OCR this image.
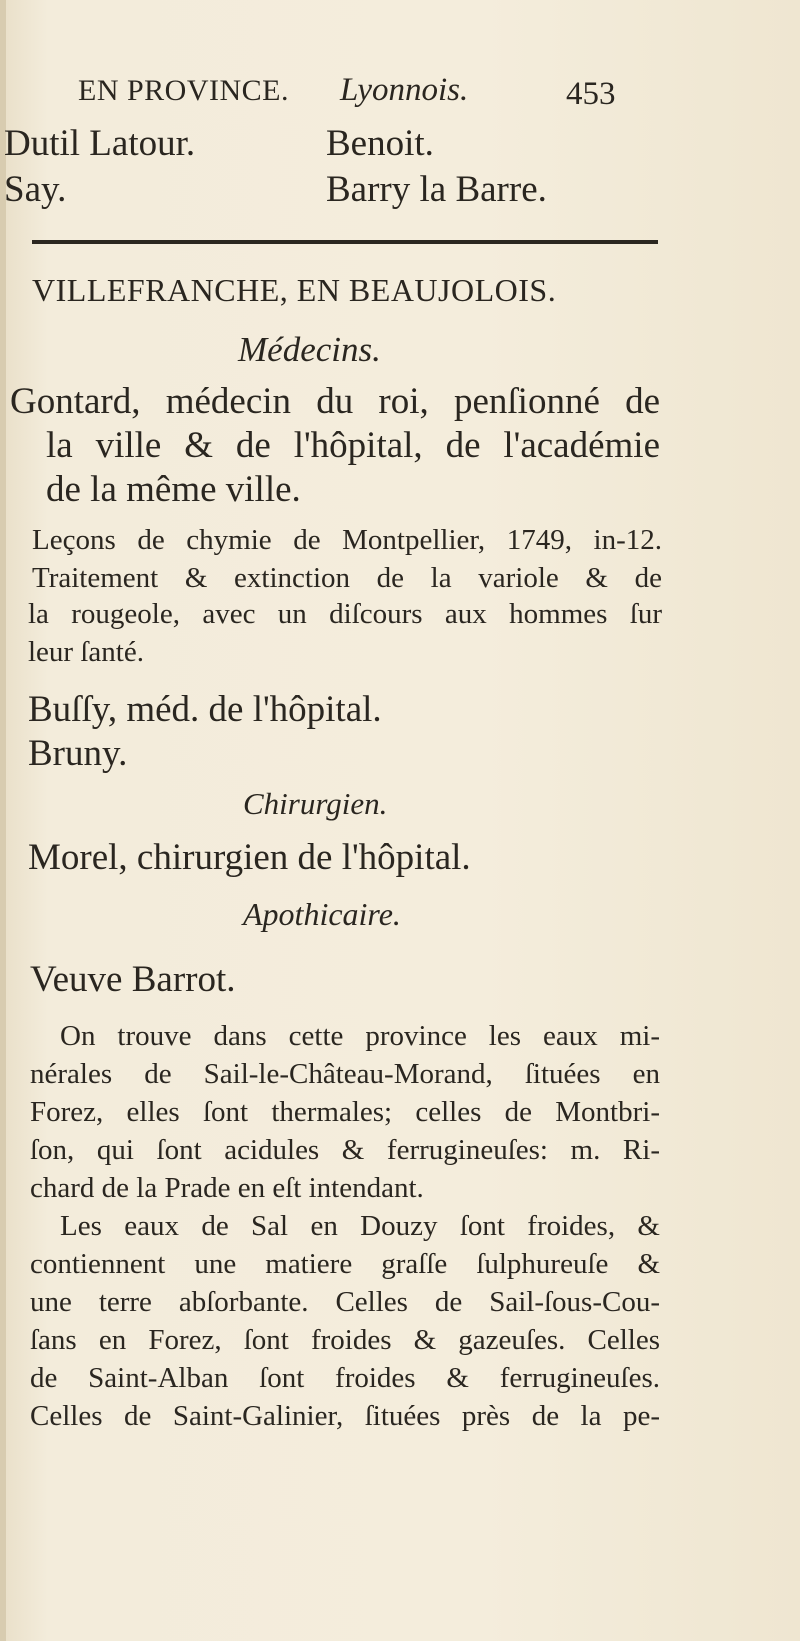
EN PROVINCE. Lyonnois.	453
Dutil Latour.
Say.
Benoit.
Barry la Barre.
VILLEFRANCHE, EN BEAUJOLOIS.
Médecins.
Gontard, médecin du roi, penſionné de
la ville & de l'hôpital, de l'académie
de la même ville.
Leçons de chymie de Montpellier, 1749, in-12.
Traitement & extinction de la variole & de
la rougeole, avec un diſcours aux hommes ſur
leur ſanté.
Buſſy, méd. de l'hôpital.
Bruny.
Chirurgien.
Morel, chirurgien de l'hôpital.
Apothicaire.
Veuve Barrot.
On trouve dans cette province les eaux mi-
nérales de Sail-le-Château-Morand, ſituées en
Forez, elles ſont thermales; celles de Montbri-
ſon, qui ſont acidules & ferrugineuſes: m. Ri-
chard de la Prade en eſt intendant.
Les eaux de Sal en Douzy ſont froides, &
contiennent une matiere graſſe ſulphureuſe &
une terre abſorbante. Celles de Sail-ſous-Cou-
ſans en Forez, ſont froides & gazeuſes. Celles
de Saint-Alban ſont froides & ferrugineuſes.
Celles de Saint-Galinier, ſituées près de la pe-
